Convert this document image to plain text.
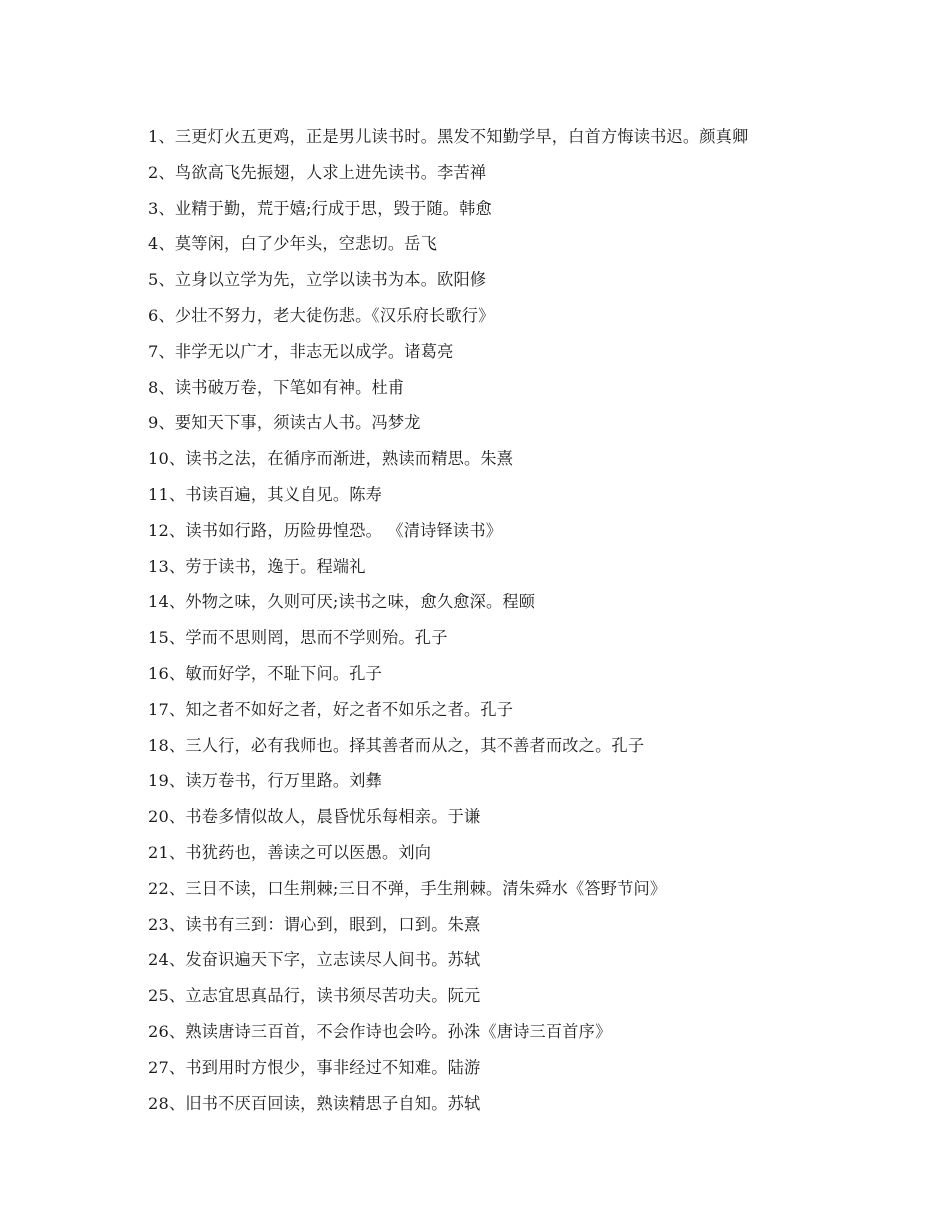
1、三更灯火五更鸡，正是男儿读书时。黑发不知勤学早，白首方悔读书迟。颜真卿
2、鸟欲高飞先振翅，人求上进先读书。李苦禅
3、业精于勤，荒于嬉;行成于思，毁于随。韩愈
4、莫等闲，白了少年头，空悲切。岳飞
5、立身以立学为先，立学以读书为本。欧阳修
6、少壮不努力，老大徒伤悲。《汉乐府长歌行》
7、非学无以广才，非志无以成学。诸葛亮
8、读书破万卷，下笔如有神。杜甫
9、要知天下事，须读古人书。冯梦龙
10、读书之法，在循序而渐进，熟读而精思。朱熹
11、书读百遍，其义自见。陈寿
12、读书如行路，历险毋惶恐。 《清诗铎读书》
13、劳于读书，逸于。程端礼
14、外物之味，久则可厌;读书之味，愈久愈深。程颐
15、学而不思则罔，思而不学则殆。孔子
16、敏而好学，不耻下问。孔子
17、知之者不如好之者，好之者不如乐之者。孔子
18、三人行，必有我师也。择其善者而从之，其不善者而改之。孔子
19、读万卷书，行万里路。刘彝
20、书卷多情似故人，晨昏忧乐每相亲。于谦
21、书犹药也，善读之可以医愚。刘向
22、三日不读，口生荆棘;三日不弹，手生荆棘。清朱舜水《答野节问》
23、读书有三到：谓心到，眼到，口到。朱熹
24、发奋识遍天下字，立志读尽人间书。苏轼
25、立志宜思真品行，读书须尽苦功夫。阮元
26、熟读唐诗三百首，不会作诗也会吟。孙洙《唐诗三百首序》
27、书到用时方恨少，事非经过不知难。陆游
28、旧书不厌百回读，熟读精思子自知。苏轼
